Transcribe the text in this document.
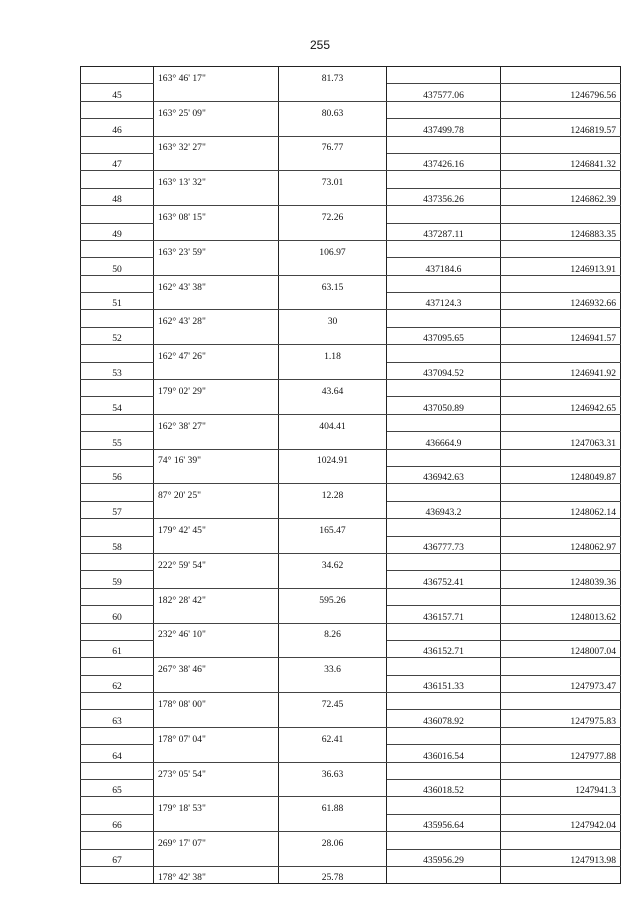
255
	163° 46' 17"	81.73		
45			437577.06	1246796.56
	163° 25' 09"	80.63		
46			437499.78	1246819.57
	163° 32' 27"	76.77		
47			437426.16	1246841.32
	163° 13' 32"	73.01		
48			437356.26	1246862.39
	163° 08' 15"	72.26		
49			437287.11	1246883.35
	163° 23' 59"	106.97		
50			437184.6	1246913.91
	162° 43' 38"	63.15		
51			437124.3	1246932.66
	162° 43' 28"	30		
52			437095.65	1246941.57
	162° 47' 26"	1.18		
53			437094.52	1246941.92
	179° 02' 29"	43.64		
54			437050.89	1246942.65
	162° 38' 27"	404.41		
55			436664.9	1247063.31
	74° 16' 39"	1024.91		
56			436942.63	1248049.87
	87° 20' 25"	12.28		
57			436943.2	1248062.14
	179° 42' 45"	165.47		
58			436777.73	1248062.97
	222° 59' 54"	34.62		
59			436752.41	1248039.36
	182° 28' 42"	595.26		
60			436157.71	1248013.62
	232° 46' 10"	8.26		
61			436152.71	1248007.04
	267° 38' 46"	33.6		
62			436151.33	1247973.47
	178° 08' 00"	72.45		
63			436078.92	1247975.83
	178° 07' 04"	62.41		
64			436016.54	1247977.88
	273° 05' 54"	36.63		
65			436018.52	1247941.3
	179° 18' 53"	61.88		
66			435956.64	1247942.04
	269° 17' 07"	28.06		
67			435956.29	1247913.98
	178° 42' 38"	25.78		
